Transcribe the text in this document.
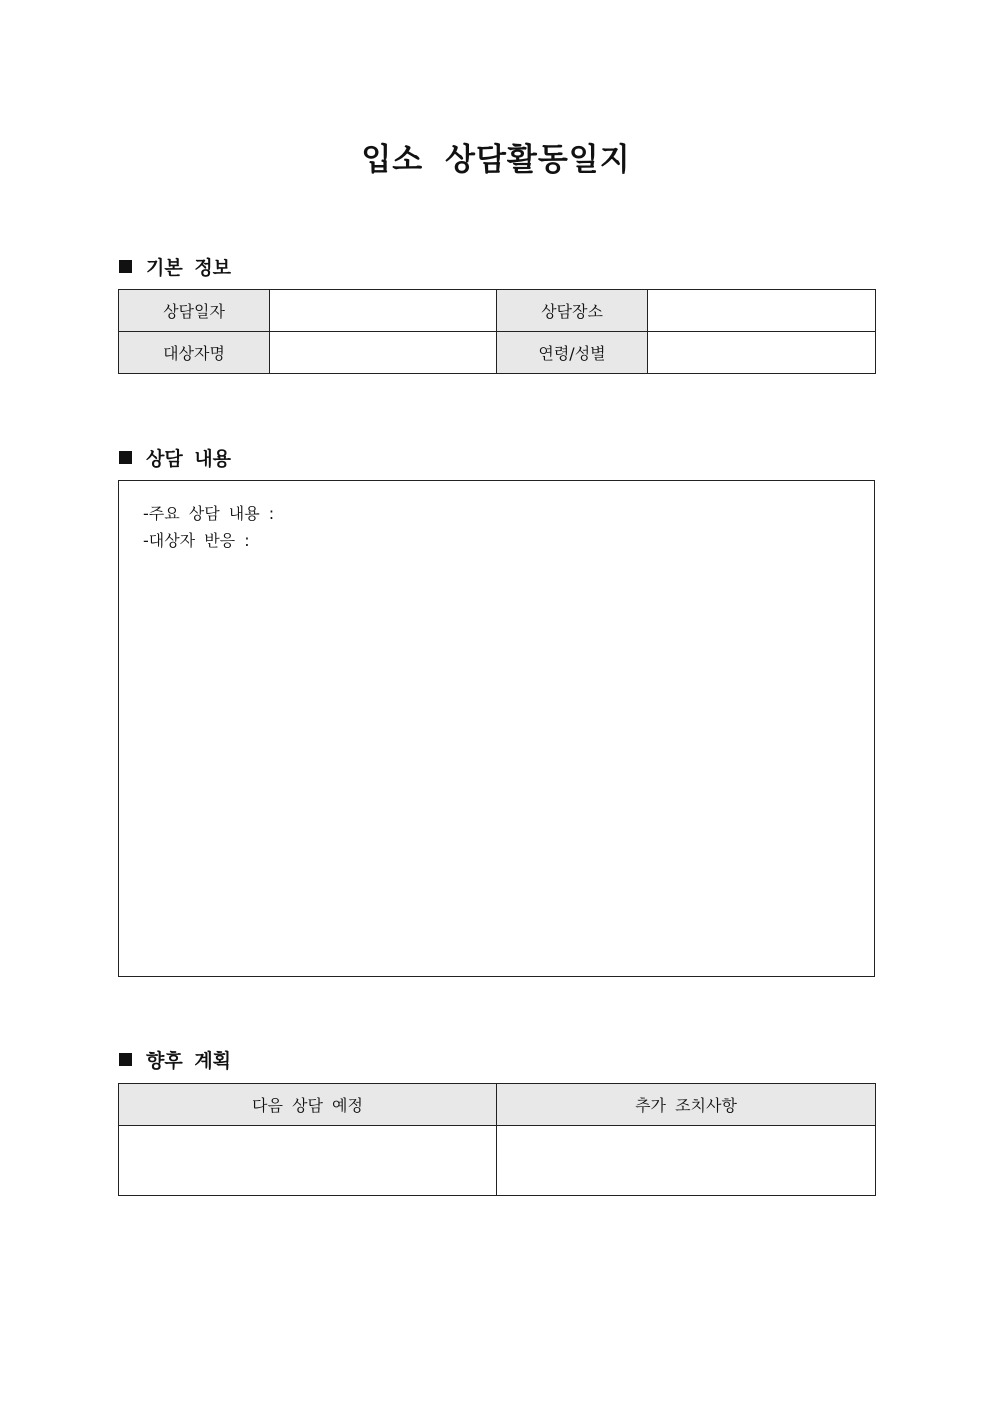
입소 상담활동일지
기본 정보
상담일자		상담장소	
대상자명		연령/성별	
상담 내용
-주요 상담 내용 :
-대상자 반응 :
향후 계획
다음 상담 예정	추가 조치사항
